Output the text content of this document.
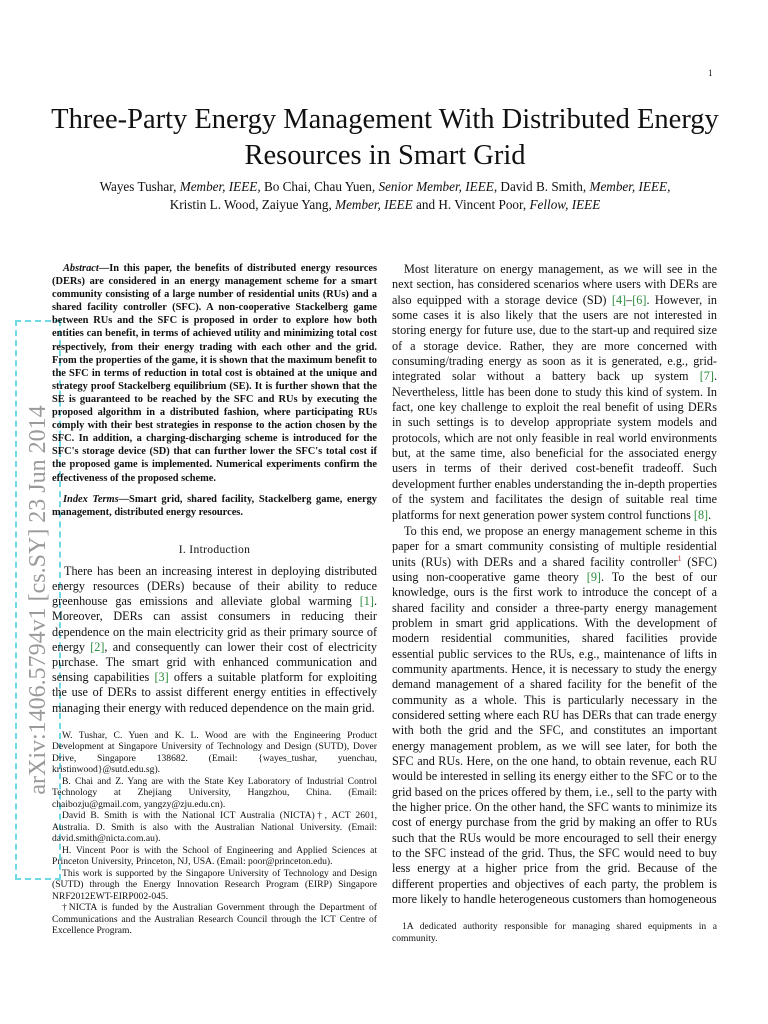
1
Three-Party Energy Management With Distributed Energy Resources in Smart Grid

Wayes Tushar, Member, IEEE, Bo Chai, Chau Yuen, Senior Member, IEEE, David B. Smith, Member, IEEE,
Kristin L. Wood, Zaiyue Yang, Member, IEEE and H. Vincent Poor, Fellow, IEEE

arXiv:1406.5794v1 [cs.SY] 23 Jun 2014

Abstract—In this paper, the benefits of distributed energy resources (DERs) are considered in an energy management scheme for a smart community consisting of a large number of residential units (RUs) and a shared facility controller (SFC). A non-cooperative Stackelberg game between RUs and the SFC is proposed in order to explore how both entities can benefit, in terms of achieved utility and minimizing total cost respectively, from their energy trading with each other and the grid. From the properties of the game, it is shown that the maximum benefit to the SFC in terms of reduction in total cost is obtained at the unique and strategy proof Stackelberg equilibrium (SE). It is further shown that the SE is guaranteed to be reached by the SFC and RUs by executing the proposed algorithm in a distributed fashion, where participating RUs comply with their best strategies in response to the action chosen by the SFC. In addition, a charging-discharging scheme is introduced for the SFC's storage device (SD) that can further lower the SFC's total cost if the proposed game is implemented. Numerical experiments confirm the effectiveness of the proposed scheme.

Index Terms—Smart grid, shared facility, Stackelberg game, energy management, distributed energy resources.

I. Introduction

There has been an increasing interest in deploying distributed energy resources (DERs) because of their ability to reduce greenhouse gas emissions and alleviate global warming [1]. Moreover, DERs can assist consumers in reducing their dependence on the main electricity grid as their primary source of energy [2], and consequently can lower their cost of electricity purchase. The smart grid with enhanced communication and sensing capabilities [3] offers a suitable platform for exploiting the use of DERs to assist different energy entities in effectively managing their energy with reduced dependence on the main grid.

W. Tushar, C. Yuen and K. L. Wood are with the Engineering Product Development at Singapore University of Technology and Design (SUTD), Dover Drive, Singapore 138682. (Email: {wayes_tushar, yuenchau, kristinwood}@sutd.edu.sg).

B. Chai and Z. Yang are with the State Key Laboratory of Industrial Control Technology at Zhejiang University, Hangzhou, China. (Email: chaibozju@gmail.com, yangzy@zju.edu.cn).

David B. Smith is with the National ICT Australia (NICTA)†, ACT 2601, Australia. D. Smith is also with the Australian National University. (Email: david.smith@nicta.com.au).

H. Vincent Poor is with the School of Engineering and Applied Sciences at Princeton University, Princeton, NJ, USA. (Email: poor@princeton.edu).

This work is supported by the Singapore University of Technology and Design (SUTD) through the Energy Innovation Research Program (EIRP) Singapore NRF2012EWT-EIRP002-045.

†NICTA is funded by the Australian Government through the Department of Communications and the Australian Research Council through the ICT Centre of Excellence Program.

Most literature on energy management, as we will see in the next section, has considered scenarios where users with DERs are also equipped with a storage device (SD) [4]–[6]. However, in some cases it is also likely that the users are not interested in storing energy for future use, due to the start-up and required size of a storage device. Rather, they are more concerned with consuming/trading energy as soon as it is generated, e.g., grid-integrated solar without a battery back up system [7]. Nevertheless, little has been done to study this kind of system. In fact, one key challenge to exploit the real benefit of using DERs in such settings is to develop appropriate system models and protocols, which are not only feasible in real world environments but, at the same time, also beneficial for the associated energy users in terms of their derived cost-benefit tradeoff. Such development further enables understanding the in-depth properties of the system and facilitates the design of suitable real time platforms for next generation power system control functions [8].

To this end, we propose an energy management scheme in this paper for a smart community consisting of multiple residential units (RUs) with DERs and a shared facility controller$^1$ (SFC) using non-cooperative game theory [9]. To the best of our knowledge, ours is the first work to introduce the concept of a shared facility and consider a three-party energy management problem in smart grid applications. With the development of modern residential communities, shared facilities provide essential public services to the RUs, e.g., maintenance of lifts in community apartments. Hence, it is necessary to study the energy demand management of a shared facility for the benefit of the community as a whole. This is particularly necessary in the considered setting where each RU has DERs that can trade energy with both the grid and the SFC, and constitutes an important energy management problem, as we will see later, for both the SFC and RUs. Here, on the one hand, to obtain revenue, each RU would be interested in selling its energy either to the SFC or to the grid based on the prices offered by them, i.e., sell to the party with the higher price. On the other hand, the SFC wants to minimize its cost of energy purchase from the grid by making an offer to RUs such that the RUs would be more encouraged to sell their energy to the SFC instead of the grid. Thus, the SFC would need to buy less energy at a higher price from the grid. Because of the different properties and objectives of each party, the problem is more likely to handle heterogeneous customers than homogeneous

1A dedicated authority responsible for managing shared equipments in a community.
